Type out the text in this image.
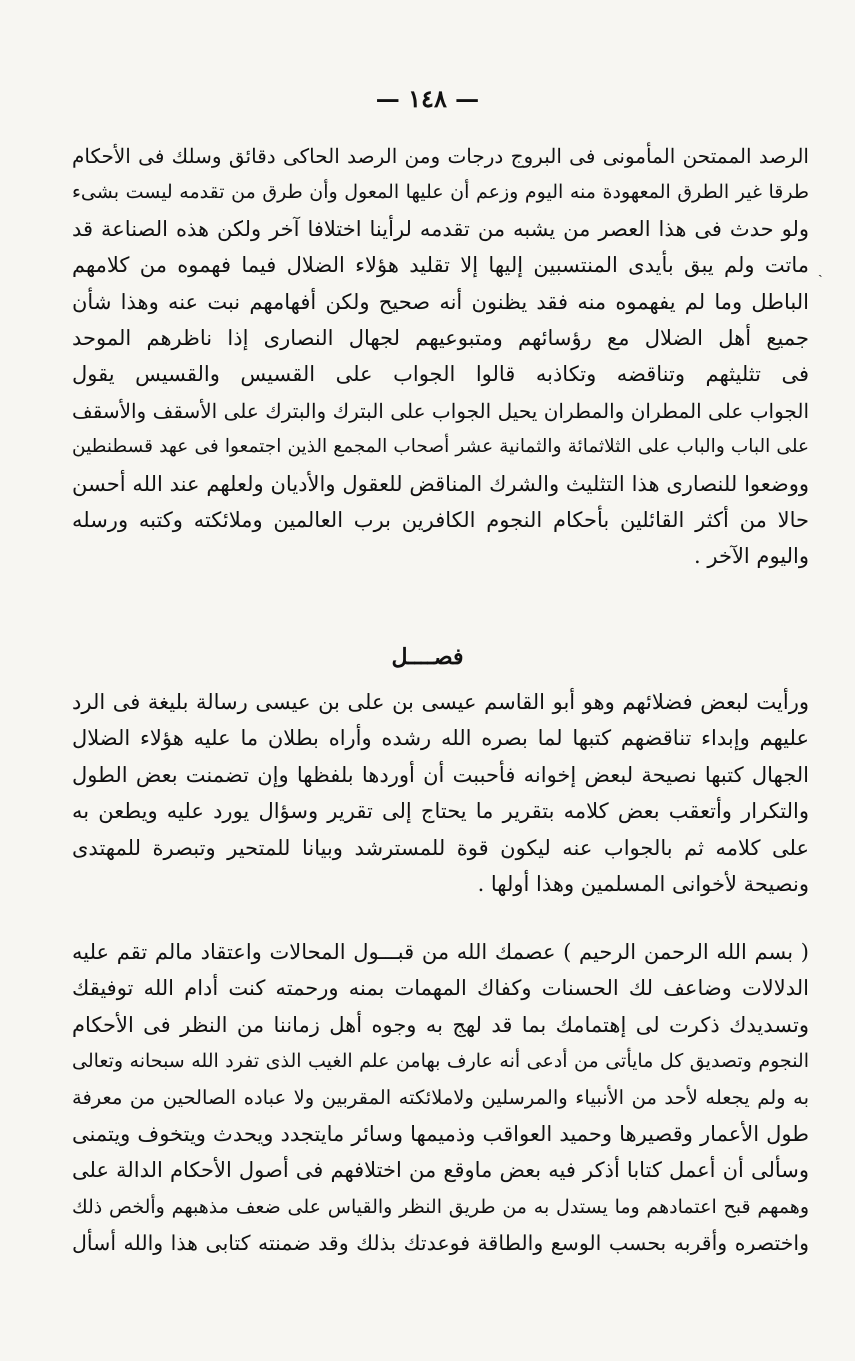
— ١٤٨ —
ˎ
الرصد الممتحن المأمونى فى البروج درجات ومن الرصد الحاكى دقائق وسلك فى الأحكام
طرقا غير الطرق المعهودة منه اليوم وزعم أن عليها المعول وأن طرق من تقدمه ليست بشىء
ولو حدث فى هذا العصر من يشبه من تقدمه لرأينا اختلافا آخر ولكن هذه الصناعة قد
ماتت ولم يبق بأيدى المنتسبين إليها إلا تقليد هؤلاء الضلال فيما فهموه من كلامهم
الباطل وما لم يفهموه منه فقد يظنون أنه صحيح ولكن أفهامهم نبت عنه وهذا شأن
جميع أهل الضلال مع رؤسائهم ومتبوعيهم لجهال النصارى إذا ناظرهم الموحد
فى تثليثهم وتناقضه وتكاذبه قالوا الجواب على القسيس والقسيس يقول
الجواب على المطران والمطران يحيل الجواب على البترك والبترك على الأسقف والأسقف
على الباب والباب على الثلاثمائة والثمانية عشر أصحاب المجمع الذين اجتمعوا فى عهد قسطنطين
ووضعوا للنصارى هذا التثليث والشرك المناقض للعقول والأديان ولعلهم عند الله أحسن
حالا من أكثر القائلين بأحكام النجوم الكافرين برب العالمين وملائكته وكتبه ورسله
واليوم الآخر .
فصــــل
ورأيت لبعض فضلائهم وهو أبو القاسم عيسى بن على بن عيسى رسالة بليغة فى الرد
عليهم وإبداء تناقضهم كتبها لما بصره الله رشده وأراه بطلان ما عليه هؤلاء الضلال
الجهال كتبها نصيحة لبعض إخوانه فأحببت أن أوردها بلفظها وإن تضمنت بعض الطول
والتكرار وأتعقب بعض كلامه بتقرير ما يحتاج إلى تقرير وسؤال يورد عليه ويطعن به
على كلامه ثم بالجواب عنه ليكون قوة للمسترشد وبيانا للمتحير وتبصرة للمهتدى
ونصيحة لأخوانى المسلمين وهذا أولها .
( بسم الله الرحمن الرحيم ) عصمك الله من قبـــول المحالات واعتقاد مالم تقم عليه
الدلالات وضاعف لك الحسنات وكفاك المهمات بمنه ورحمته كنت أدام الله توفيقك
وتسديدك ذكرت لى إهتمامك بما قد لهج به وجوه أهل زماننا من النظر فى الأحكام
النجوم وتصديق كل مايأتى من أدعى أنه عارف بهامن علم الغيب الذى تفرد الله سبحانه وتعالى
به ولم يجعله لأحد من الأنبياء والمرسلين ولاملائكته المقربين ولا عباده الصالحين من معرفة
طول الأعمار وقصيرها وحميد العواقب وذميمها وسائر مايتجدد ويحدث ويتخوف ويتمنى
وسألى أن أعمل كتابا أذكر فيه بعض ماوقع من اختلافهم فى أصول الأحكام الدالة على
وهمهم قبح اعتمادهم وما يستدل به من طريق النظر والقياس على ضعف مذهبهم وألخص ذلك
واختصره وأقربه بحسب الوسع والطاقة فوعدتك بذلك وقد ضمنته كتابى هذا والله أسأل
